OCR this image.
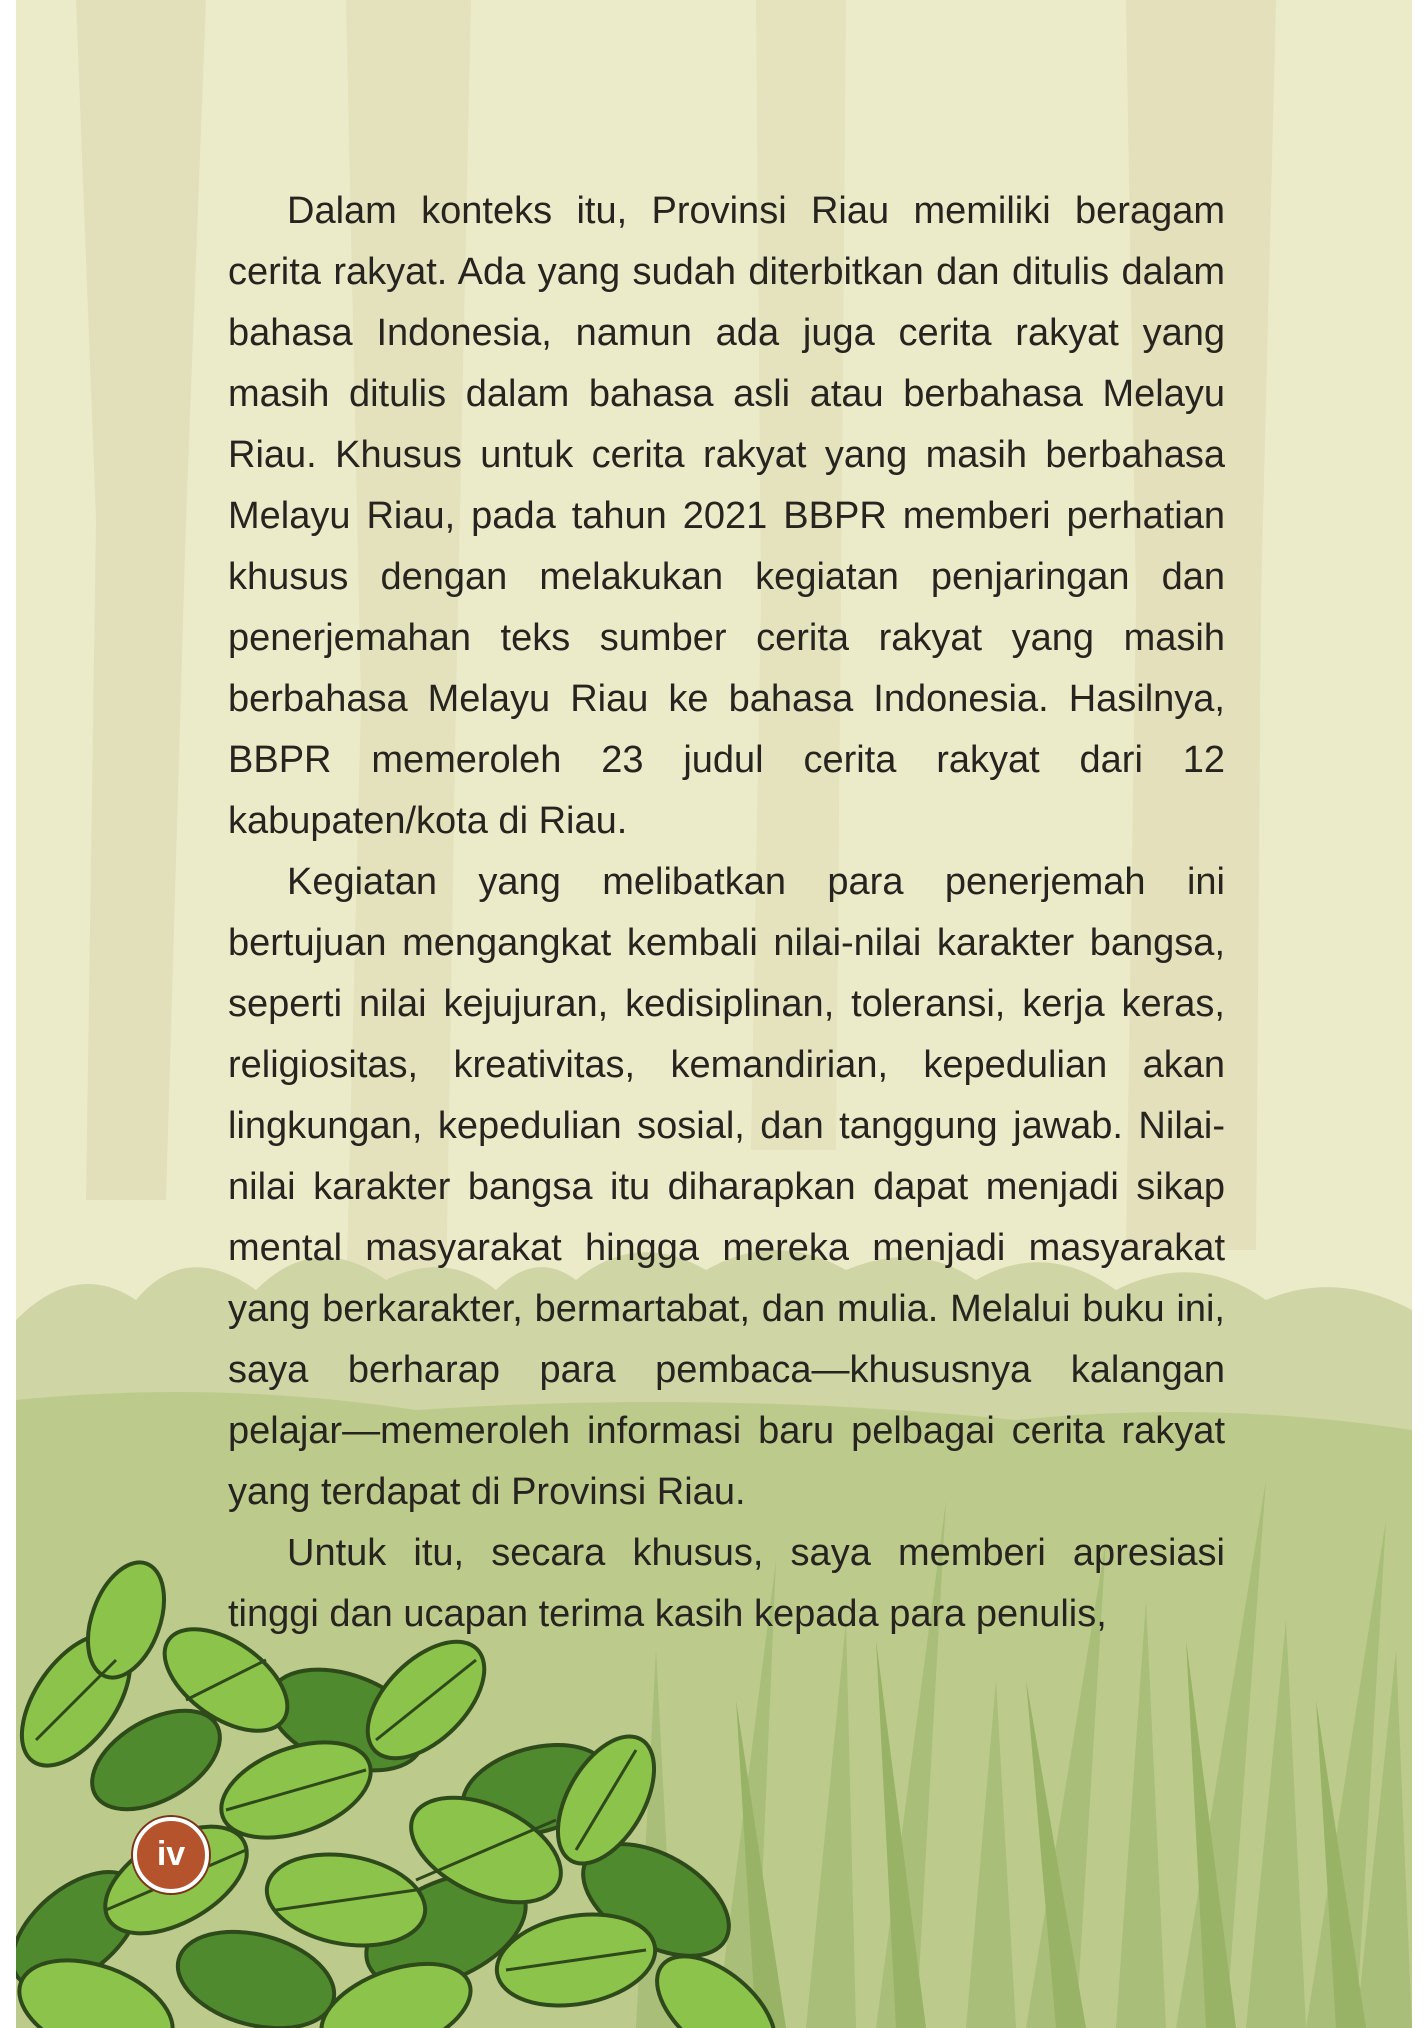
Dalam konteks itu, Provinsi Riau memiliki beragam cerita rakyat. Ada yang sudah diterbitkan dan ditulis dalam bahasa Indonesia, namun ada juga cerita rakyat yang masih ditulis dalam bahasa asli atau berbahasa Melayu Riau. Khusus untuk cerita rakyat yang masih berbahasa Melayu Riau, pada tahun 2021 BBPR memberi perhatian khusus dengan melakukan kegiatan penjaringan dan penerjemahan teks sumber cerita rakyat yang masih berbahasa Melayu Riau ke bahasa Indonesia. Hasilnya, BBPR memeroleh 23 judul cerita rakyat dari 12 kabupaten/kota di Riau.

Kegiatan yang melibatkan para penerjemah ini bertujuan mengangkat kembali nilai-nilai karakter bangsa, seperti nilai kejujuran, kedisiplinan, toleransi, kerja keras, religiositas, kreativitas, kemandirian, kepedulian akan lingkungan, kepedulian sosial, dan tanggung jawab. Nilai-nilai karakter bangsa itu diharapkan dapat menjadi sikap mental masyarakat hingga mereka menjadi masyarakat yang berkarakter, bermartabat, dan mulia. Melalui buku ini, saya berharap para pembaca—khususnya kalangan pelajar—memeroleh informasi baru pelbagai cerita rakyat yang terdapat di Provinsi Riau.

Untuk itu, secara khusus, saya memberi apresiasi tinggi dan ucapan terima kasih kepada para penulis,

iv
